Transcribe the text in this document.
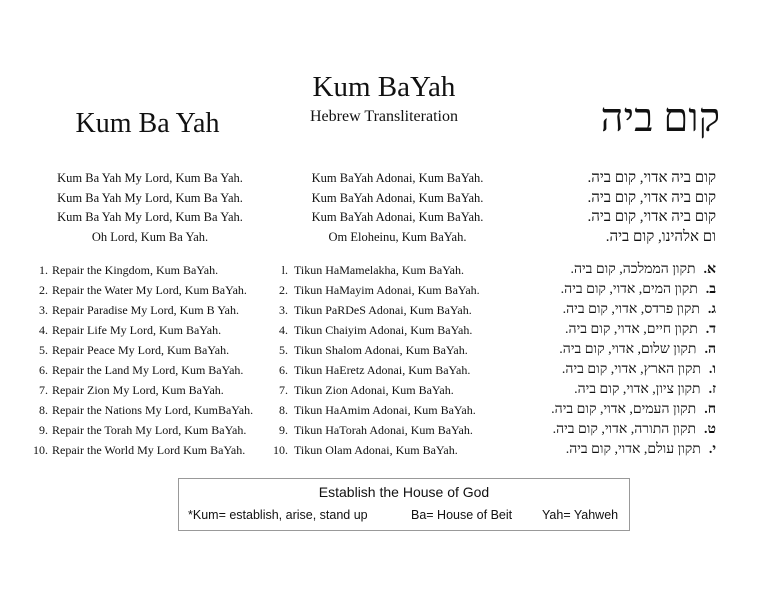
Kum BaYah
Hebrew Transliteration
Kum Ba Yah	קום ביה
Kum Ba Yah My Lord, Kum Ba Yah.
Kum Ba Yah My Lord, Kum Ba Yah.
Kum Ba Yah My Lord, Kum Ba Yah.
Oh Lord, Kum Ba Yah.
Kum BaYah Adonai, Kum BaYah.
Kum BaYah Adonai, Kum BaYah.
Kum BaYah Adonai, Kum BaYah.
Om Eloheinu, Kum BaYah.
קום ביה אדוי, קום ביה.
קום ביה אדוי, קום ביה.
קום ביה אדוי, קום ביה.
ום אלהינו, קום ביה.
1. Repair the Kingdom, Kum BaYah.
2. Repair the Water My Lord, Kum BaYah.
3. Repair Paradise My Lord, Kum B Yah.
4. Repair Life My Lord, Kum BaYah.
5. Repair Peace My Lord, Kum BaYah.
6. Repair the Land My Lord, Kum BaYah.
7. Repair Zion My Lord, Kum BaYah.
8. Repair the Nations My Lord, KumBaYah.
9. Repair the Torah My Lord, Kum BaYah.
10. Repair the World My Lord Kum BaYah.
l. Tikun HaMamelakha, Kum BaYah.
2. Tikun HaMayim Adonai, Kum BaYah.
3. Tikun PaRDeS Adonai, Kum BaYah.
4. Tikun Chaiyim Adonai, Kum BaYah.
5. Tikun Shalom Adonai, Kum BaYah.
6. Tikun HaEretz Adonai, Kum BaYah.
7. Tikun Zion Adonai, Kum BaYah.
8. Tikun HaAmim Adonai, Kum BaYah.
9. Tikun HaTorah Adonai, Kum BaYah.
10. Tikun Olam Adonai, Kum BaYah.
א.תקון הממלכה, קום ביה.
ב.תקון המים, אדוי, קום ביה.
ג.תקון פרדס, אדוי, קום ביה.
ד.תקון חיים, אדוי, קום ביה.
ה.תקון שלום, אדוי, קום ביה.
ו.תקון הארץ, אדוי, קום ביה.
ז.תקון ציון, אדוי, קום ביה.
ח.תקון העמים, אדוי, קום ביה.
ט.תקון התורה, אדוי, קום ביה.
י.תקון עולם, אדוי, קום ביה.
Establish the House of God
*Kum= establish, arise, stand up	Ba= House of Beit Yah= Yahweh
